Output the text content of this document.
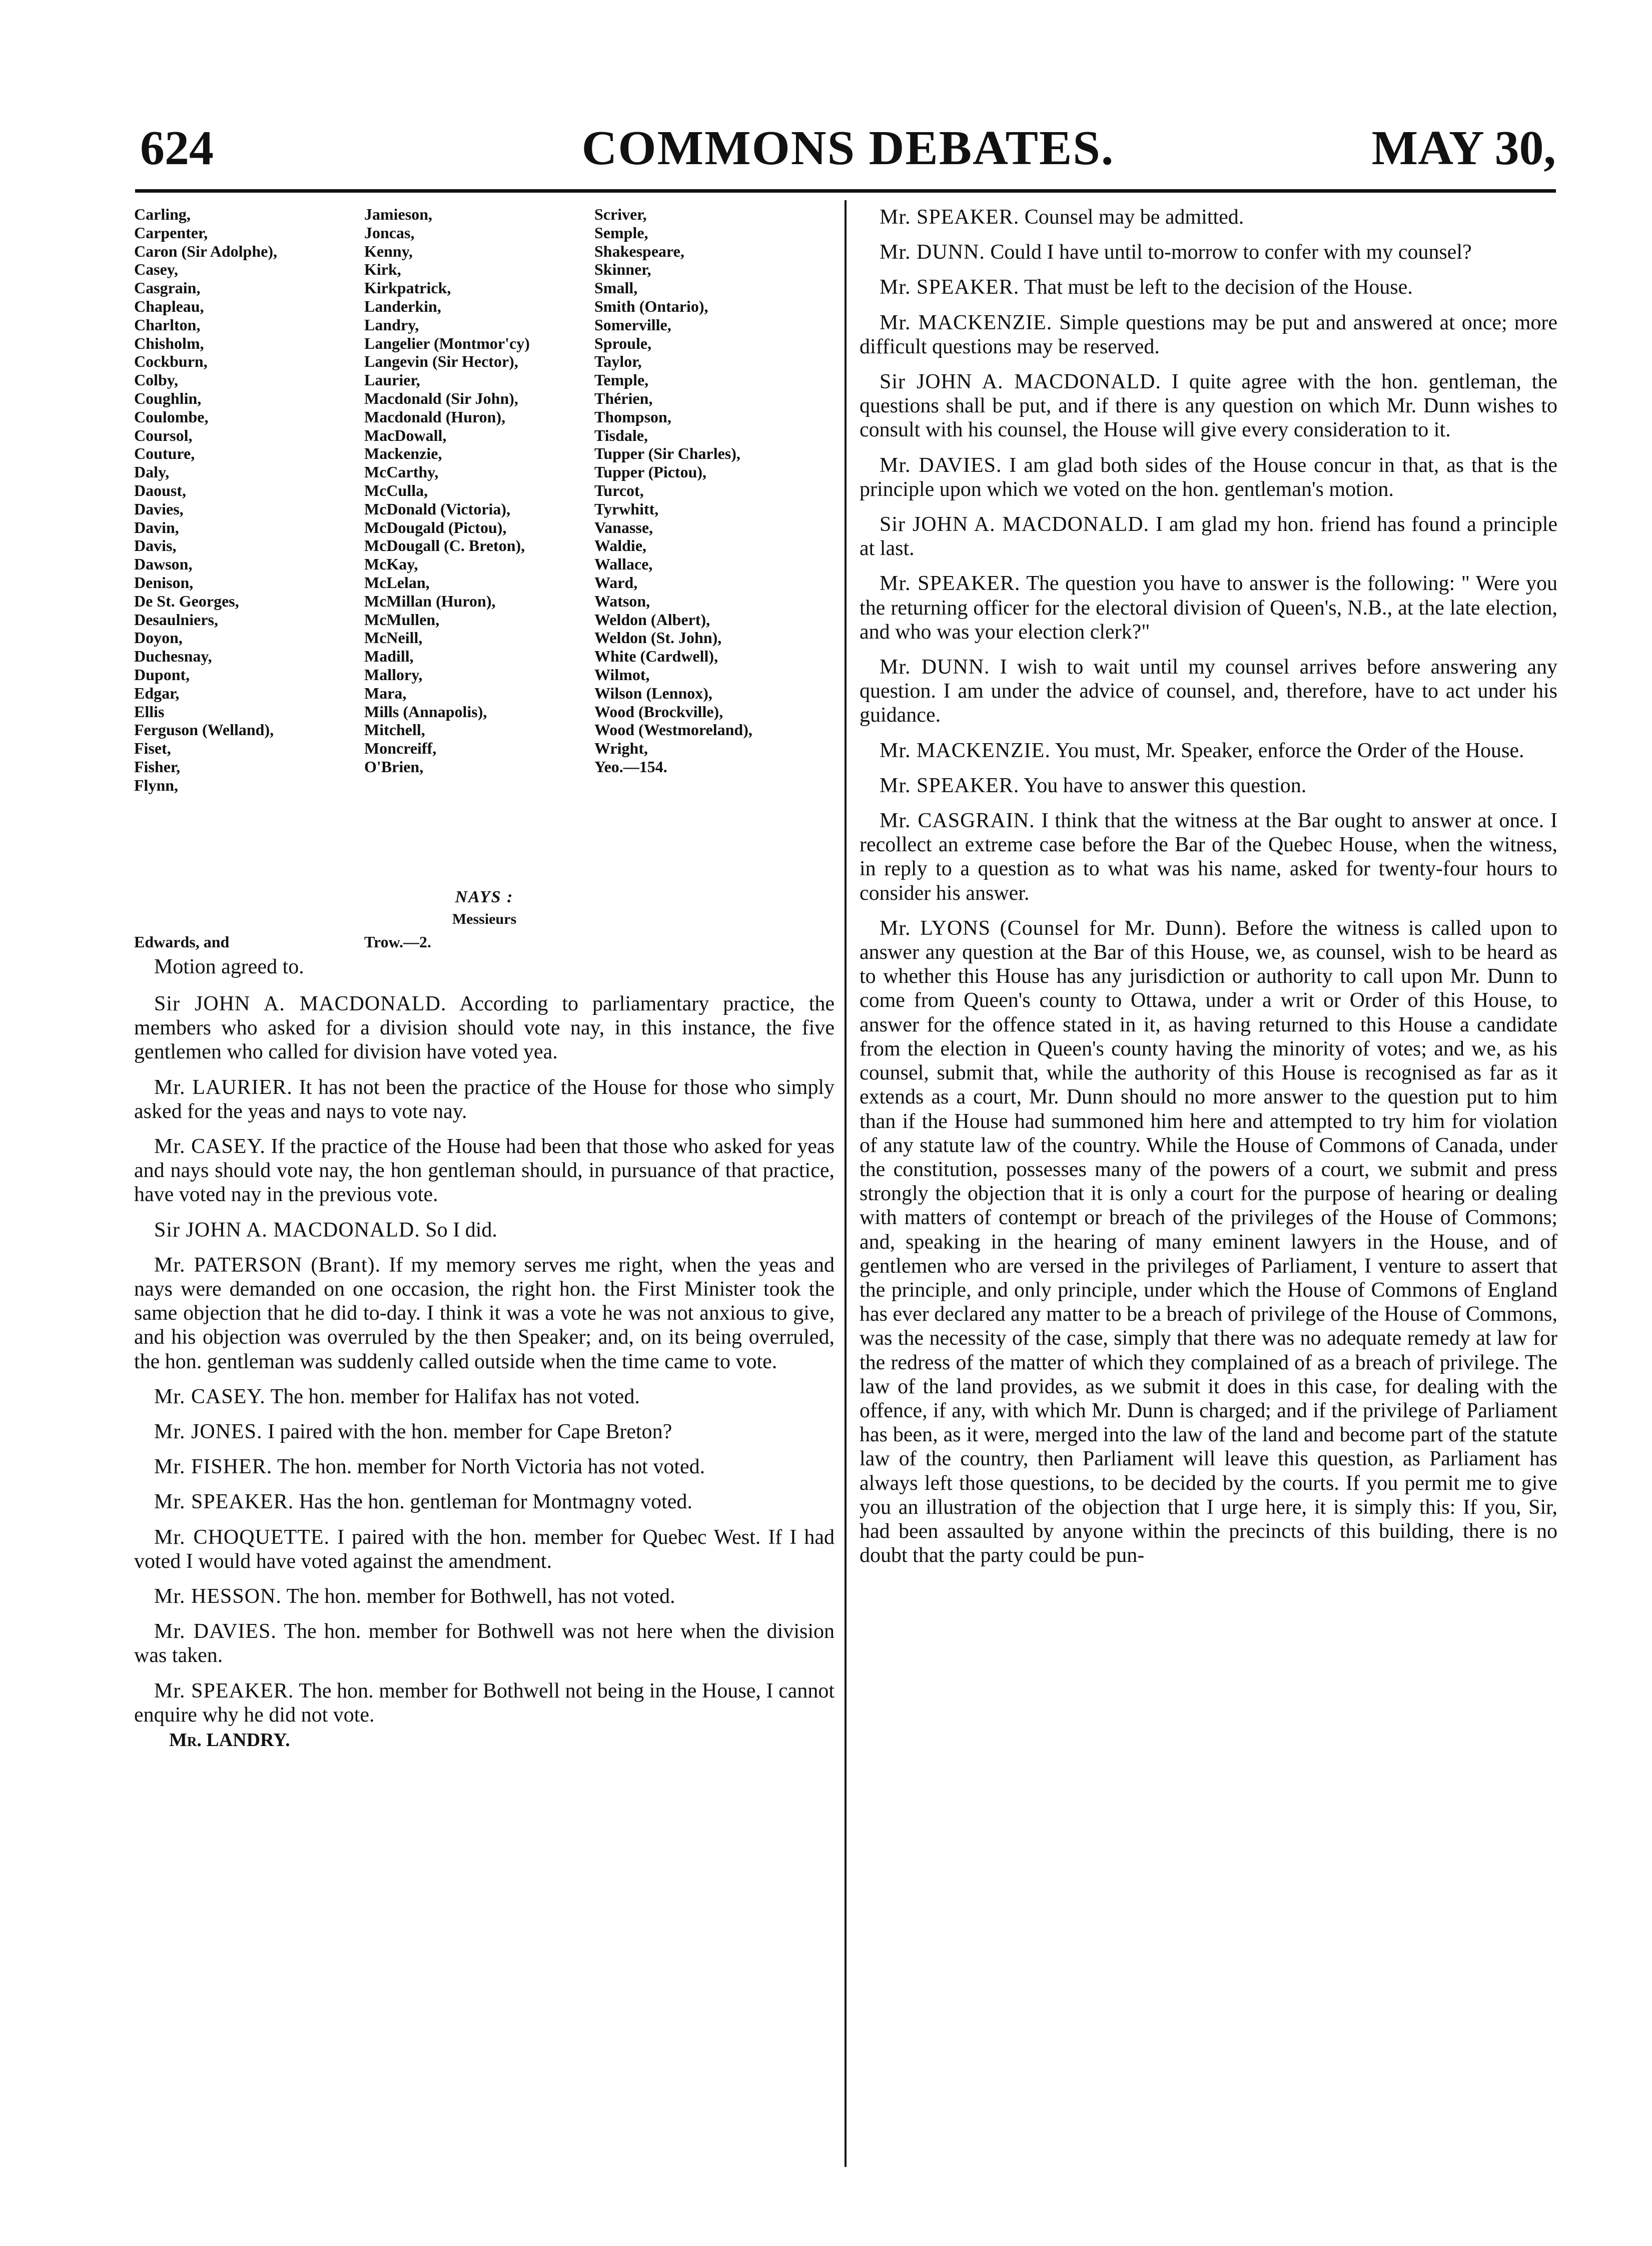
624	COMMONS DEBATES.	MAY 30,
Carling,
Carpenter,
Caron (Sir Adolphe),
Casey,
Casgrain,
Chapleau,
Charlton,
Chisholm,
Cockburn,
Colby,
Coughlin,
Coulombe,
Coursol,
Couture,
Daly,
Daoust,
Davies,
Davin,
Davis,
Dawson,
Denison,
De St. Georges,
Desaulniers,
Doyon,
Duchesnay,
Dupont,
Edgar,
Ellis
Ferguson (Welland),
Fiset,
Fisher,
Flynn,
Jamieson,
Joncas,
Kenny,
Kirk,
Kirkpatrick,
Landerkin,
Landry,
Langelier (Montmor'cy)
Langevin (Sir Hector),
Laurier,
Macdonald (Sir John),
Macdonald (Huron),
MacDowall,
Mackenzie,
McCarthy,
McCulla,
McDonald (Victoria),
McDougald (Pictou),
McDougall (C. Breton),
McKay,
McLelan,
McMillan (Huron),
McMullen,
McNeill,
Madill,
Mallory,
Mara,
Mills (Annapolis),
Mitchell,
Moncreiff,
O'Brien,
Scriver,
Semple,
Shakespeare,
Skinner,
Small,
Smith (Ontario),
Somerville,
Sproule,
Taylor,
Temple,
Thérien,
Thompson,
Tisdale,
Tupper (Sir Charles),
Tupper (Pictou),
Turcot,
Tyrwhitt,
Vanasse,
Waldie,
Wallace,
Ward,
Watson,
Weldon (Albert),
Weldon (St. John),
White (Cardwell),
Wilmot,
Wilson (Lennox),
Wood (Brockville),
Wood (Westmoreland),
Wright,
Yeo.—154.
NAYS :
Messieurs
Edwards, and	Trow.—2.

Motion agreed to.

Sir JOHN A. MACDONALD. According to parliamentary practice, the members who asked for a division should vote nay, in this instance, the five gentlemen who called for division have voted yea.

Mr. LAURIER. It has not been the practice of the House for those who simply asked for the yeas and nays to vote nay.

Mr. CASEY. If the practice of the House had been that those who asked for yeas and nays should vote nay, the hon gentleman should, in pursuance of that practice, have voted nay in the previous vote.

Sir JOHN A. MACDONALD. So I did.

Mr. PATERSON (Brant). If my memory serves me right, when the yeas and nays were demanded on one occasion, the right hon. the First Minister took the same objection that he did to-day. I think it was a vote he was not anxious to give, and his objection was overruled by the then Speaker; and, on its being overruled, the hon. gentleman was suddenly called outside when the time came to vote.

Mr. CASEY. The hon. member for Halifax has not voted.

Mr. JONES. I paired with the hon. member for Cape Breton?

Mr. FISHER. The hon. member for North Victoria has not voted.

Mr. SPEAKER. Has the hon. gentleman for Montmagny voted.

Mr. CHOQUETTE. I paired with the hon. member for Quebec West. If I had voted I would have voted against the amendment.

Mr. HESSON. The hon. member for Bothwell, has not voted.

Mr. DAVIES. The hon. member for Bothwell was not here when the division was taken.

Mr. SPEAKER. The hon. member for Bothwell not being in the House, I cannot enquire why he did not vote.

Mr. LANDRY.

Mr. SPEAKER. Counsel may be admitted.

Mr. DUNN. Could I have until to-morrow to confer with my counsel?

Mr. SPEAKER. That must be left to the decision of the House.

Mr. MACKENZIE. Simple questions may be put and answered at once; more difficult questions may be reserved.

Sir JOHN A. MACDONALD. I quite agree with the hon. gentleman, the questions shall be put, and if there is any question on which Mr. Dunn wishes to consult with his counsel, the House will give every consideration to it.

Mr. DAVIES. I am glad both sides of the House concur in that, as that is the principle upon which we voted on the hon. gentleman's motion.

Sir JOHN A. MACDONALD. I am glad my hon. friend has found a principle at last.

Mr. SPEAKER. The question you have to answer is the following: " Were you the returning officer for the electoral division of Queen's, N.B., at the late election, and who was your election clerk?"

Mr. DUNN. I wish to wait until my counsel arrives before answering any question. I am under the advice of counsel, and, therefore, have to act under his guidance.

Mr. MACKENZIE. You must, Mr. Speaker, enforce the Order of the House.

Mr. SPEAKER. You have to answer this question.

Mr. CASGRAIN. I think that the witness at the Bar ought to answer at once. I recollect an extreme case before the Bar of the Quebec House, when the witness, in reply to a question as to what was his name, asked for twenty-four hours to consider his answer.

Mr. LYONS (Counsel for Mr. Dunn). Before the witness is called upon to answer any question at the Bar of this House, we, as counsel, wish to be heard as to whether this House has any jurisdiction or authority to call upon Mr. Dunn to come from Queen's county to Ottawa, under a writ or Order of this House, to answer for the offence stated in it, as having returned to this House a candidate from the election in Queen's county having the minority of votes; and we, as his counsel, submit that, while the authority of this House is recognised as far as it extends as a court, Mr. Dunn should no more answer to the question put to him than if the House had summoned him here and attempted to try him for violation of any statute law of the country. While the House of Commons of Canada, under the constitution, possesses many of the powers of a court, we submit and press strongly the objection that it is only a court for the purpose of hearing or dealing with matters of contempt or breach of the privileges of the House of Commons; and, speaking in the hearing of many eminent lawyers in the House, and of gentlemen who are versed in the privileges of Parliament, I venture to assert that the principle, and only principle, under which the House of Commons of England has ever declared any matter to be a breach of privilege of the House of Commons, was the necessity of the case, simply that there was no adequate remedy at law for the redress of the matter of which they complained of as a breach of privilege. The law of the land provides, as we submit it does in this case, for dealing with the offence, if any, with which Mr. Dunn is charged; and if the privilege of Parliament has been, as it were, merged into the law of the land and become part of the statute law of the country, then Parliament will leave this question, as Parliament has always left those questions, to be decided by the courts. If you permit me to give you an illustration of the objection that I urge here, it is simply this: If you, Sir, had been assaulted by anyone within the precincts of this building, there is no doubt that the party could be pun-
